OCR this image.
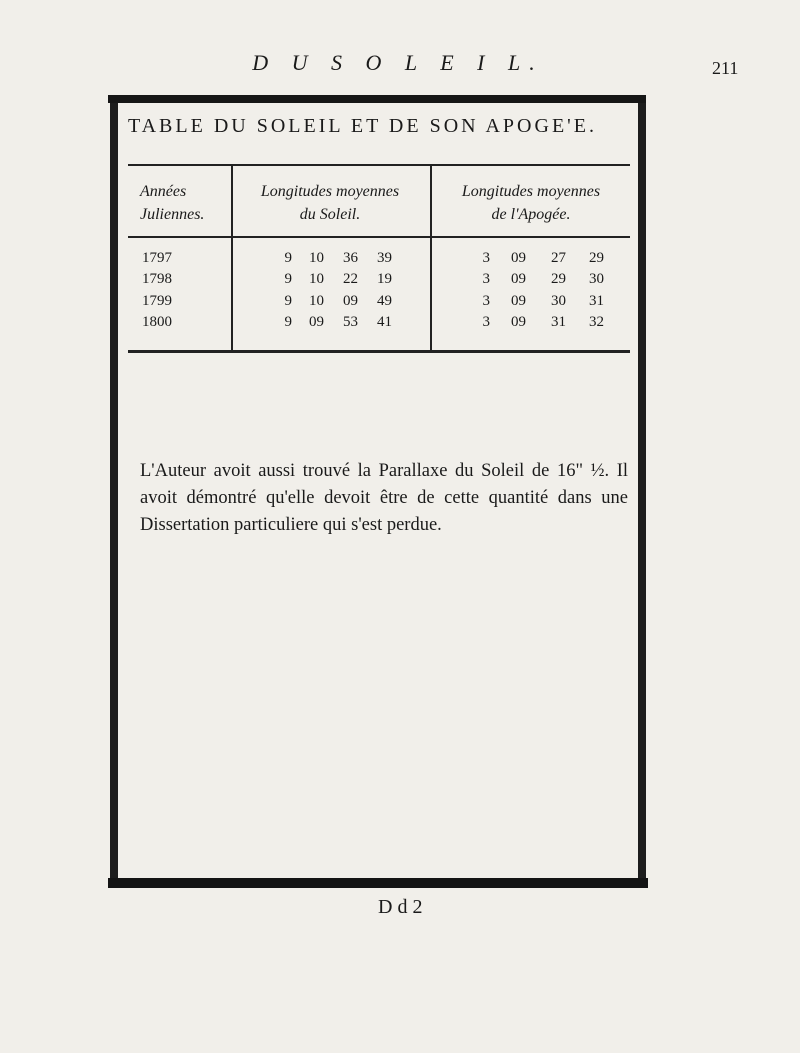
D U S O L E I L.	211
TABLE DU SOLEIL ET DE SON APOGE'E.
Années
Juliennes.
Longitudes moyennes
du Soleil.
Longitudes moyennes
de l'Apogée.
1797	9	10	36	39	3	09	27	29
1798	9	10	22	19	3	09	29	30
1799	9	10	09	49	3	09	30	31
1800	9	09	53	41	3	09	31	32
L'Auteur avoit aussi trouvé la Parallaxe du Soleil de 16" ½. Il avoit démontré qu'elle devoit être de cette quantité dans une Dissertation particuliere qui s'est perdue.
D d 2
